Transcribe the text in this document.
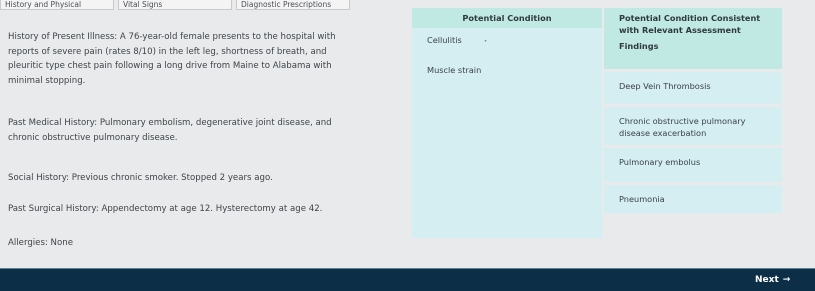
History and Physical	Vital Signs	Diagnostic Prescriptions

History of Present Illness: A 76-year-old female presents to the hospital with

reports of severe pain (rates 8/10) in the left leg, shortness of breath, and

pleuritic type chest pain following a long drive from Maine to Alabama with

minimal stopping.

Past Medical History: Pulmonary embolism, degenerative joint disease, and

chronic obstructive pulmonary disease.

Social History: Previous chronic smoker. Stopped 2 years ago.

Past Surgical History: Appendectomy at age 12. Hysterectomy at age 42.

Allergies: None

Potential Condition
Cellulitis	•
Muscle strain
Potential Condition Consistent
with Relevant Assessment
Findings
Deep Vein Thrombosis
Chronic obstructive pulmonary
disease exacerbation
Pulmonary embolus
Pneumonia
Next →
